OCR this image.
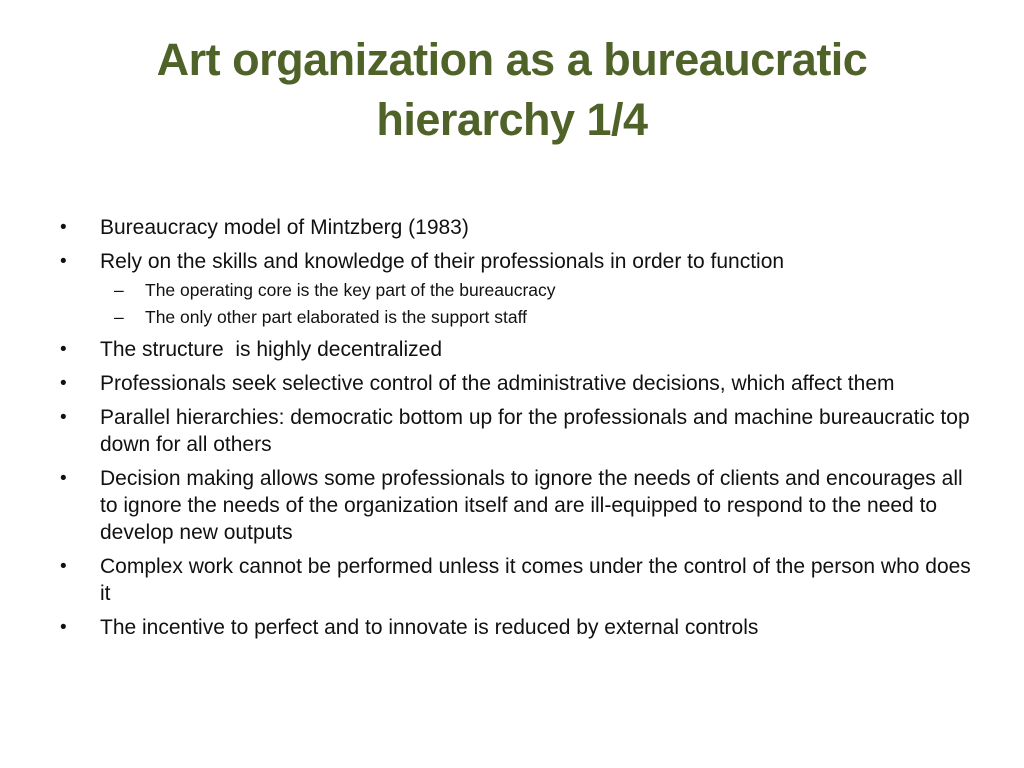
Art organization as a bureaucratic
hierarchy 1/4
• Bureaucracy model of Mintzberg (1983)
• Rely on the skills and knowledge of their professionals in order to function
– The operating core is the key part of the bureaucracy
– The only other part elaborated is the support staff
• The structure  is highly decentralized
• Professionals seek selective control of the administrative decisions, which affect them
• Parallel hierarchies: democratic bottom up for the professionals and machine bureaucratic top down for all others
• Decision making allows some professionals to ignore the needs of clients and encourages all to ignore the needs of the organization itself and are ill-equipped to respond to the need to develop new outputs
• Complex work cannot be performed unless it comes under the control of the person who does it
• The incentive to perfect and to innovate is reduced by external controls
